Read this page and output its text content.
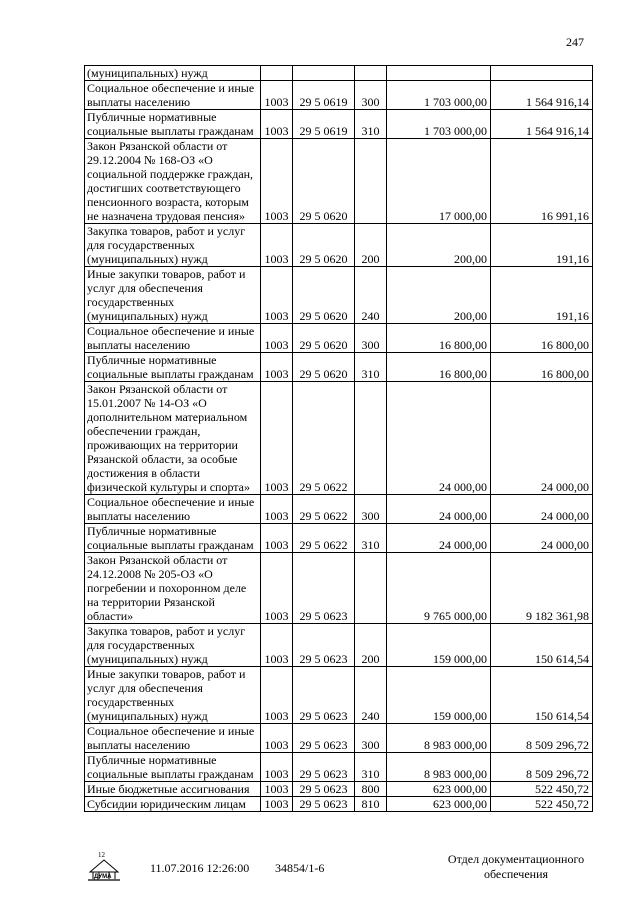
247
(муниципальных) нужд					
Социальное обеспечение и иные выплаты населению	1003	29 5 0619	300	1 703 000,00	1 564 916,14
Публичные нормативные социальные выплаты гражданам	1003	29 5 0619	310	1 703 000,00	1 564 916,14
Закон Рязанской области от 29.12.2004 № 168-ОЗ «О социальной поддержке граждан, достигших соответствующего пенсионного возраста, которым не назначена трудовая пенсия»	1003	29 5 0620		17 000,00	16 991,16
Закупка товаров, работ и услуг для государственных (муниципальных) нужд	1003	29 5 0620	200	200,00	191,16
Иные закупки товаров, работ и услуг для обеспечения государственных (муниципальных) нужд	1003	29 5 0620	240	200,00	191,16
Социальное обеспечение и иные выплаты населению	1003	29 5 0620	300	16 800,00	16 800,00
Публичные нормативные социальные выплаты гражданам	1003	29 5 0620	310	16 800,00	16 800,00
Закон Рязанской области от 15.01.2007 № 14-ОЗ «О дополнительном материальном обеспечении граждан, проживающих на территории Рязанской области, за особые достижения в области физической культуры и спорта»	1003	29 5 0622		24 000,00	24 000,00
Социальное обеспечение и иные выплаты населению	1003	29 5 0622	300	24 000,00	24 000,00
Публичные нормативные социальные выплаты гражданам	1003	29 5 0622	310	24 000,00	24 000,00
Закон Рязанской области от 24.12.2008 № 205-ОЗ «О погребении и похоронном деле на территории Рязанской области»	1003	29 5 0623		9 765 000,00	9 182 361,98
Закупка товаров, работ и услуг для государственных (муниципальных) нужд	1003	29 5 0623	200	159 000,00	150 614,54
Иные закупки товаров, работ и услуг для обеспечения государственных (муниципальных) нужд	1003	29 5 0623	240	159 000,00	150 614,54
Социальное обеспечение и иные выплаты населению	1003	29 5 0623	300	8 983 000,00	8 509 296,72
Публичные нормативные социальные выплаты гражданам	1003	29 5 0623	310	8 983 000,00	8 509 296,72
Иные бюджетные ассигнования	1003	29 5 0623	800	623 000,00	522 450,72
Субсидии юридическим лицам	1003	29 5 0623	810	623 000,00	522 450,72
12
ДУМА
11.07.2016 12:26:00 34854/1-6
Отдел документационного
обеспечения
